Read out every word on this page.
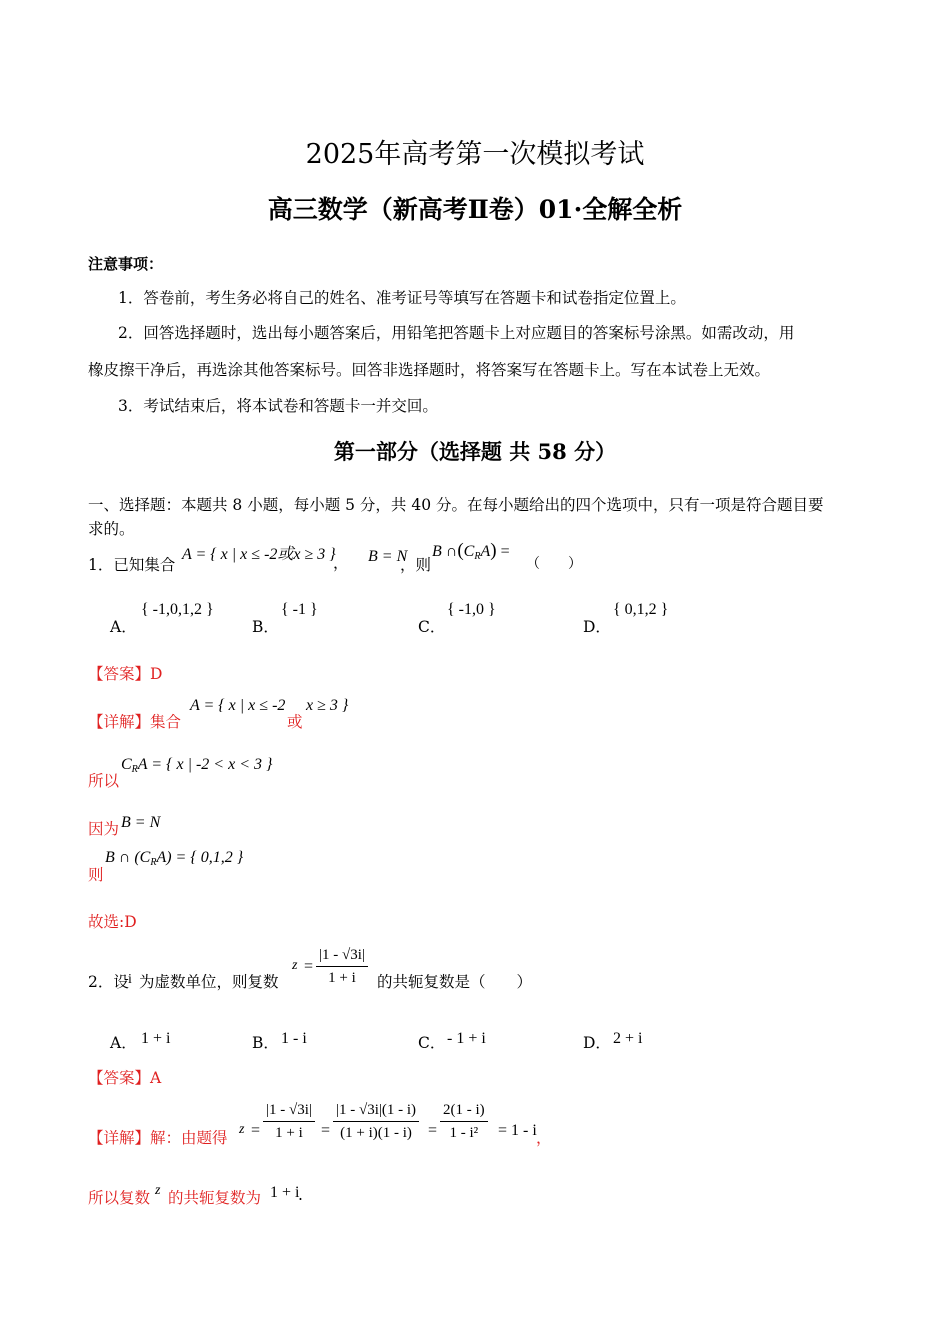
2025年高考第一次模拟考试
高三数学（新高考Ⅱ卷）01·全解全析
注意事项：
1．答卷前，考生务必将自己的姓名、准考证号等填写在答题卡和试卷指定位置上。
2．回答选择题时，选出每小题答案后，用铅笔把答题卡上对应题目的答案标号涂黑。如需改动，用
橡皮擦干净后，再选涂其他答案标号。回答非选择题时，将答案写在答题卡上。写在本试卷上无效。
3．考试结束后，将本试卷和答题卡一并交回。
第一部分（选择题 共 58 分）
一、选择题：本题共 8 小题，每小题 5 分，共 40 分。在每小题给出的四个选项中，只有一项是符合题目要
求的。
1．已知集合
A = { x | x ≤ -2或x ≥ 3 }
， B = N
，则
B $\cap(C_RA)$ =
（　　）
A．
{ -1,0,1,2 }
B．
{ -1 }
C．
{ -1,0 }
D．
{ 0,1,2 }
【答案】D
【详解】集合
A = { x | x ≤ -2
或
x ≥ 3 }
所以
$C_RA$ = { x | -2 < x < 3 }
因为 B = N
则
B ∩ $(C_RA)$ = { 0,1,2 }
故选:D
2．设 i 为虚数单位，则复数
$z = \frac{|1 - √3i|}{1 + i}$ 的共轭复数是（　　）
A． 1 + i	B． 1 - i	C． - 1 + i	D． 2 + i
【答案】A
【详解】解：由题得 $z = \frac{|1 - √3i|}{1 + i} = \frac{|1 - √3i|(1 - i)}{(1 + i)(1 - i)} = \frac{2(1 - i)}{\text{1 - i²}} = 1 - i$ ，
所以复数 z 的共轭复数为 1 + i
.
